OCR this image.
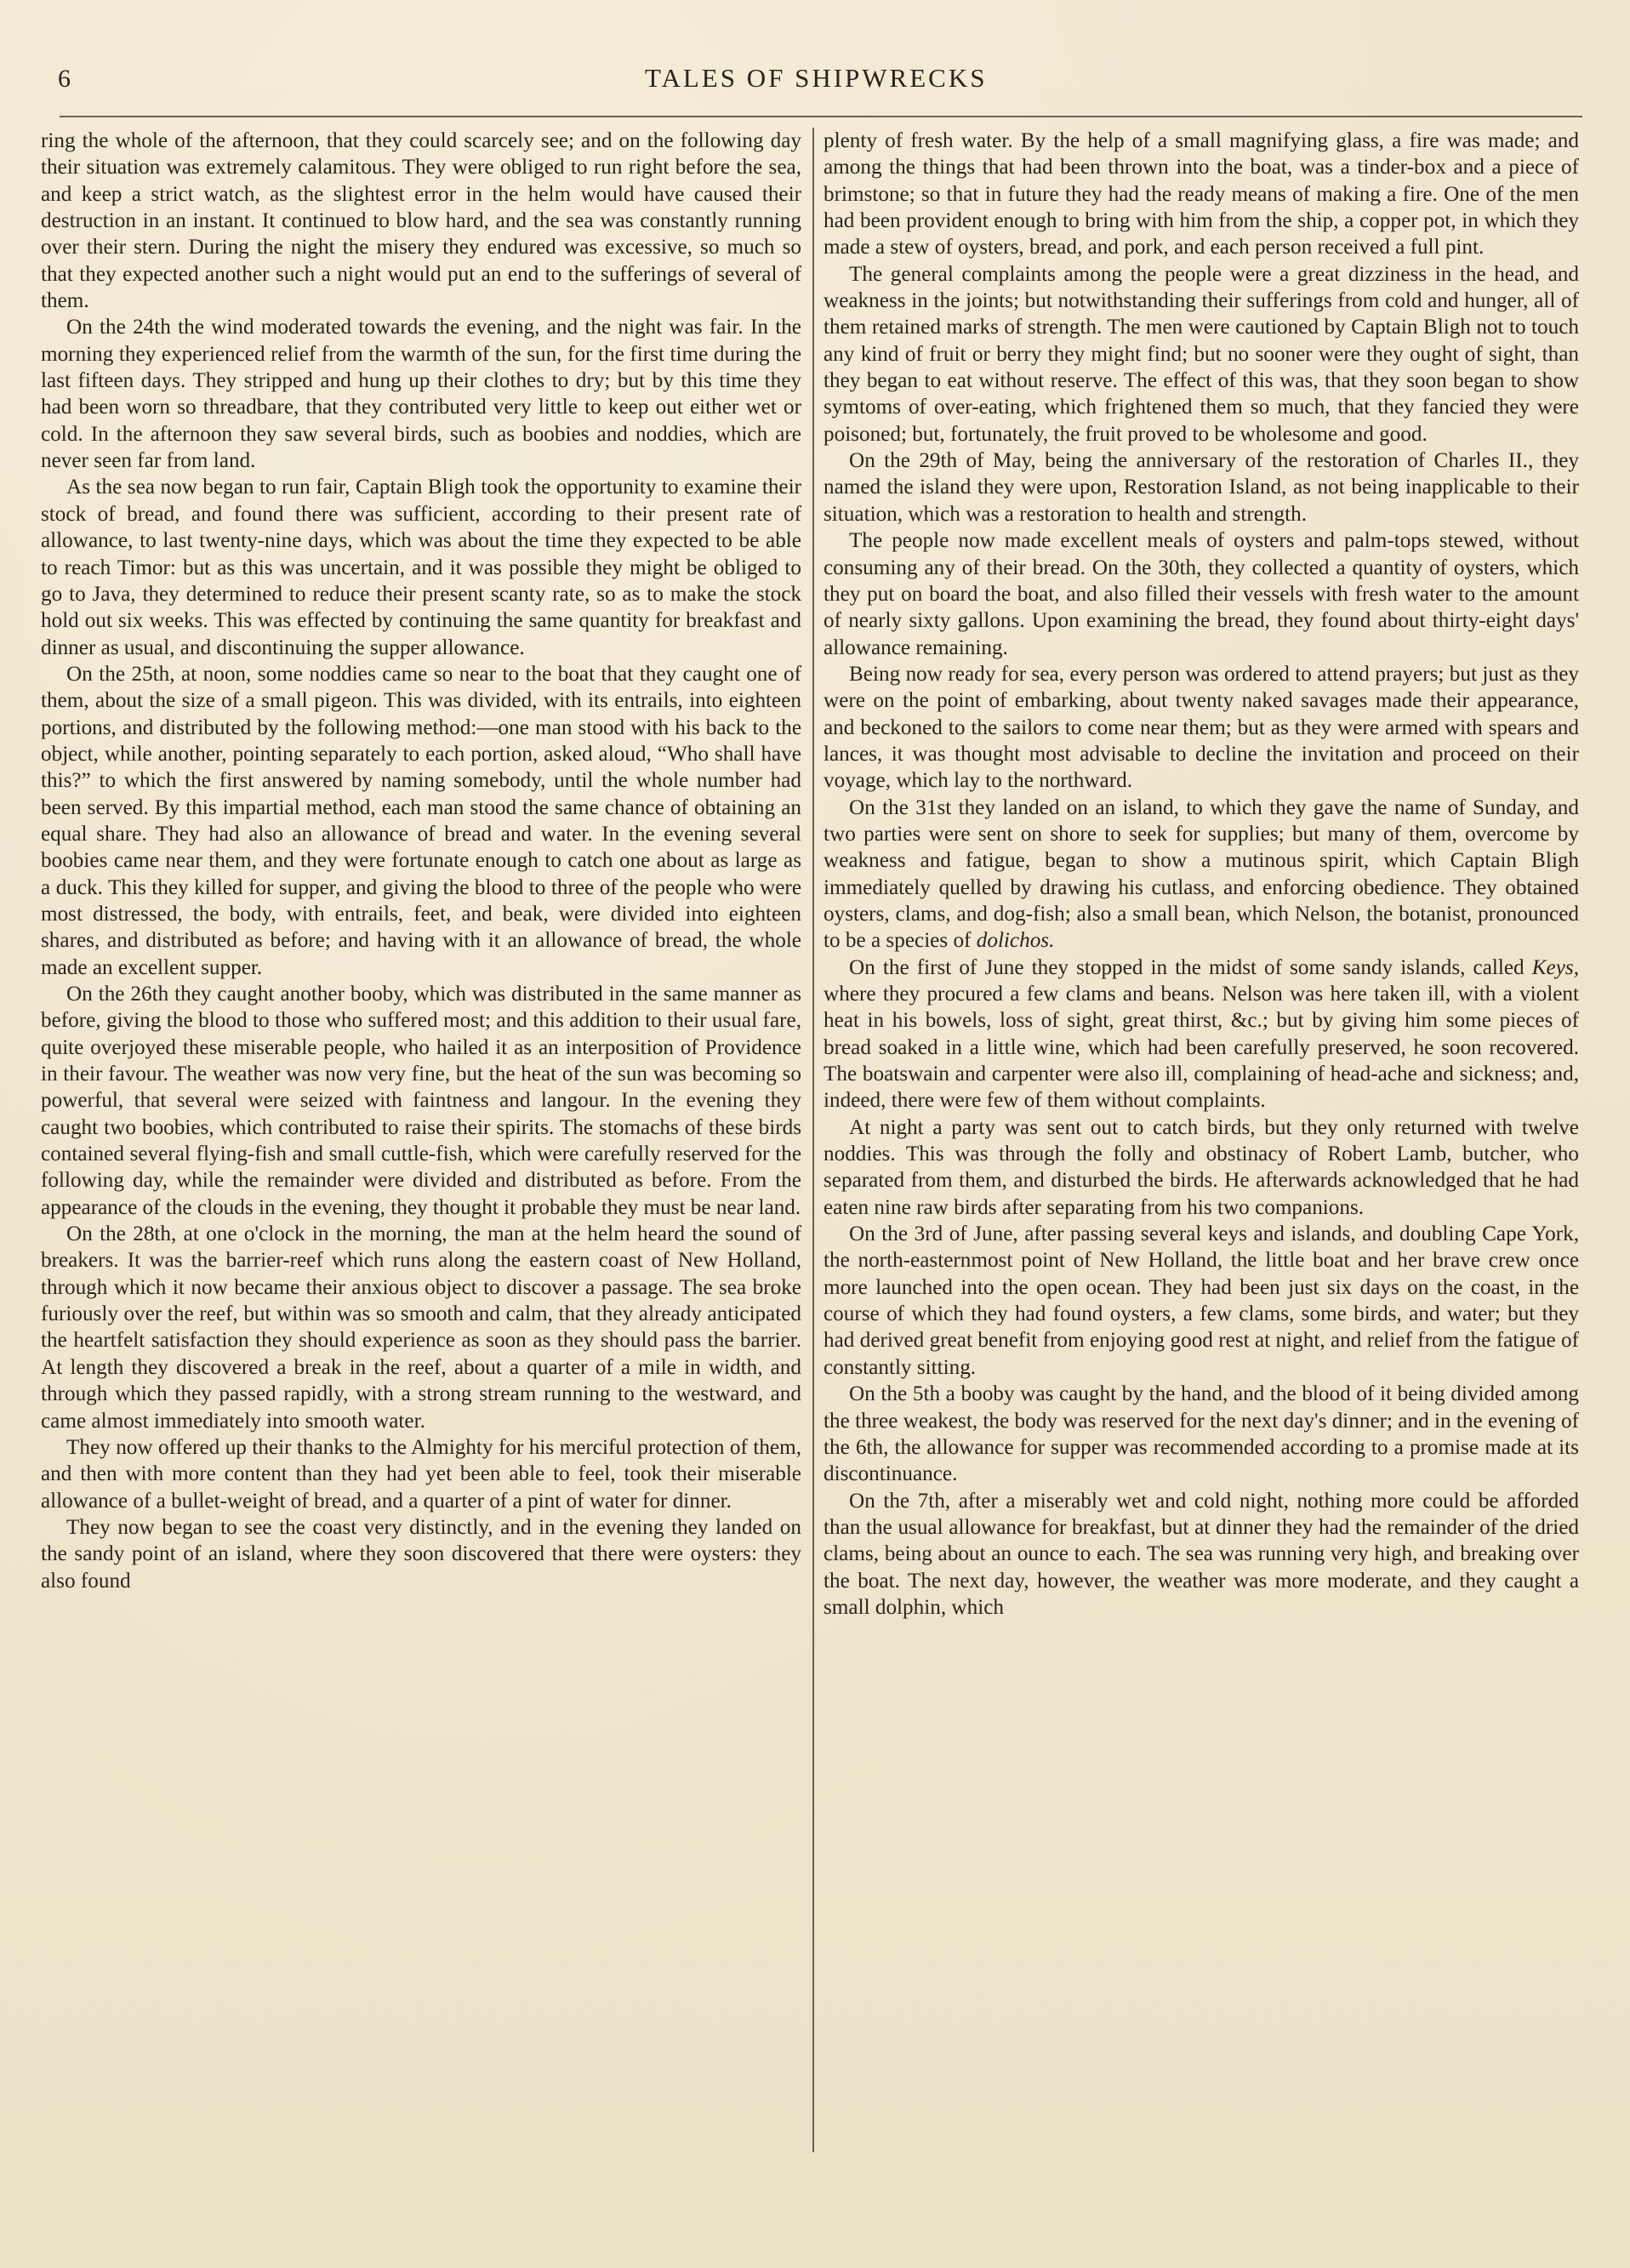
6	TALES OF SHIPWRECKS

ring the whole of the afternoon, that they could scarcely see; and on the following day their situation was extremely calamitous. They were obliged to run right before the sea, and keep a strict watch, as the slightest error in the helm would have caused their destruction in an instant. It continued to blow hard, and the sea was constantly running over their stern. During the night the misery they endured was excessive, so much so that they expected another such a night would put an end to the sufferings of several of them.

On the 24th the wind moderated towards the evening, and the night was fair. In the morning they experienced relief from the warmth of the sun, for the first time during the last fifteen days. They stripped and hung up their clothes to dry; but by this time they had been worn so threadbare, that they contributed very little to keep out either wet or cold. In the afternoon they saw several birds, such as boobies and noddies, which are never seen far from land.

As the sea now began to run fair, Captain Bligh took the opportunity to examine their stock of bread, and found there was sufficient, according to their present rate of allowance, to last twenty-nine days, which was about the time they expected to be able to reach Timor: but as this was uncertain, and it was possible they might be obliged to go to Java, they determined to reduce their present scanty rate, so as to make the stock hold out six weeks. This was effected by continuing the same quantity for breakfast and dinner as usual, and discontinuing the supper allowance.

On the 25th, at noon, some noddies came so near to the boat that they caught one of them, about the size of a small pigeon. This was divided, with its entrails, into eighteen portions, and distributed by the following method:—one man stood with his back to the object, while another, pointing separately to each portion, asked aloud, “Who shall have this?” to which the first answered by naming somebody, until the whole number had been served. By this impartial method, each man stood the same chance of obtaining an equal share. They had also an allowance of bread and water. In the evening several boobies came near them, and they were fortunate enough to catch one about as large as a duck. This they killed for supper, and giving the blood to three of the people who were most distressed, the body, with entrails, feet, and beak, were divided into eighteen shares, and distributed as before; and having with it an allowance of bread, the whole made an excellent supper.

On the 26th they caught another booby, which was distributed in the same manner as before, giving the blood to those who suffered most; and this addition to their usual fare, quite overjoyed these miserable people, who hailed it as an interposition of Providence in their favour. The weather was now very fine, but the heat of the sun was becoming so powerful, that several were seized with faintness and langour. In the evening they caught two boobies, which contributed to raise their spirits. The stomachs of these birds contained several flying-fish and small cuttle-fish, which were carefully reserved for the following day, while the remainder were divided and distributed as before. From the appearance of the clouds in the evening, they thought it probable they must be near land.

On the 28th, at one o'clock in the morning, the man at the helm heard the sound of breakers. It was the barrier-reef which runs along the eastern coast of New Holland, through which it now became their anxious object to discover a passage. The sea broke furiously over the reef, but within was so smooth and calm, that they already anticipated the heartfelt satisfaction they should experience as soon as they should pass the barrier. At length they discovered a break in the reef, about a quarter of a mile in width, and through which they passed rapidly, with a strong stream running to the westward, and came almost immediately into smooth water.

They now offered up their thanks to the Almighty for his merciful protection of them, and then with more content than they had yet been able to feel, took their miserable allowance of a bullet-weight of bread, and a quarter of a pint of water for dinner.

They now began to see the coast very distinctly, and in the evening they landed on the sandy point of an island, where they soon discovered that there were oysters: they also found

plenty of fresh water. By the help of a small magnifying glass, a fire was made; and among the things that had been thrown into the boat, was a tinder-box and a piece of brimstone; so that in future they had the ready means of making a fire. One of the men had been provident enough to bring with him from the ship, a copper pot, in which they made a stew of oysters, bread, and pork, and each person received a full pint.

The general complaints among the people were a great dizziness in the head, and weakness in the joints; but notwithstanding their sufferings from cold and hunger, all of them retained marks of strength. The men were cautioned by Captain Bligh not to touch any kind of fruit or berry they might find; but no sooner were they ought of sight, than they began to eat without reserve. The effect of this was, that they soon began to show symtoms of over-eating, which frightened them so much, that they fancied they were poisoned; but, fortunately, the fruit proved to be wholesome and good.

On the 29th of May, being the anniversary of the restoration of Charles II., they named the island they were upon, Restoration Island, as not being inapplicable to their situation, which was a restoration to health and strength.

The people now made excellent meals of oysters and palm-tops stewed, without consuming any of their bread. On the 30th, they collected a quantity of oysters, which they put on board the boat, and also filled their vessels with fresh water to the amount of nearly sixty gallons. Upon examining the bread, they found about thirty-eight days' allowance remaining.

Being now ready for sea, every person was ordered to attend prayers; but just as they were on the point of embarking, about twenty naked savages made their appearance, and beckoned to the sailors to come near them; but as they were armed with spears and lances, it was thought most advisable to decline the invitation and proceed on their voyage, which lay to the northward.

On the 31st they landed on an island, to which they gave the name of Sunday, and two parties were sent on shore to seek for supplies; but many of them, overcome by weakness and fatigue, began to show a mutinous spirit, which Captain Bligh immediately quelled by drawing his cutlass, and enforcing obedience. They obtained oysters, clams, and dog-fish; also a small bean, which Nelson, the botanist, pronounced to be a species of dolichos.

On the first of June they stopped in the midst of some sandy islands, called Keys, where they procured a few clams and beans. Nelson was here taken ill, with a violent heat in his bowels, loss of sight, great thirst, &c.; but by giving him some pieces of bread soaked in a little wine, which had been carefully preserved, he soon recovered. The boatswain and carpenter were also ill, complaining of head-ache and sickness; and, indeed, there were few of them without complaints.

At night a party was sent out to catch birds, but they only returned with twelve noddies. This was through the folly and obstinacy of Robert Lamb, butcher, who separated from them, and disturbed the birds. He afterwards acknowledged that he had eaten nine raw birds after separating from his two companions.

On the 3rd of June, after passing several keys and islands, and doubling Cape York, the north-easternmost point of New Holland, the little boat and her brave crew once more launched into the open ocean. They had been just six days on the coast, in the course of which they had found oysters, a few clams, some birds, and water; but they had derived great benefit from enjoying good rest at night, and relief from the fatigue of constantly sitting.

On the 5th a booby was caught by the hand, and the blood of it being divided among the three weakest, the body was reserved for the next day's dinner; and in the evening of the 6th, the allowance for supper was recommended according to a promise made at its discontinuance.

On the 7th, after a miserably wet and cold night, nothing more could be afforded than the usual allowance for breakfast, but at dinner they had the remainder of the dried clams, being about an ounce to each. The sea was running very high, and breaking over the boat. The next day, however, the weather was more moderate, and they caught a small dolphin, which
